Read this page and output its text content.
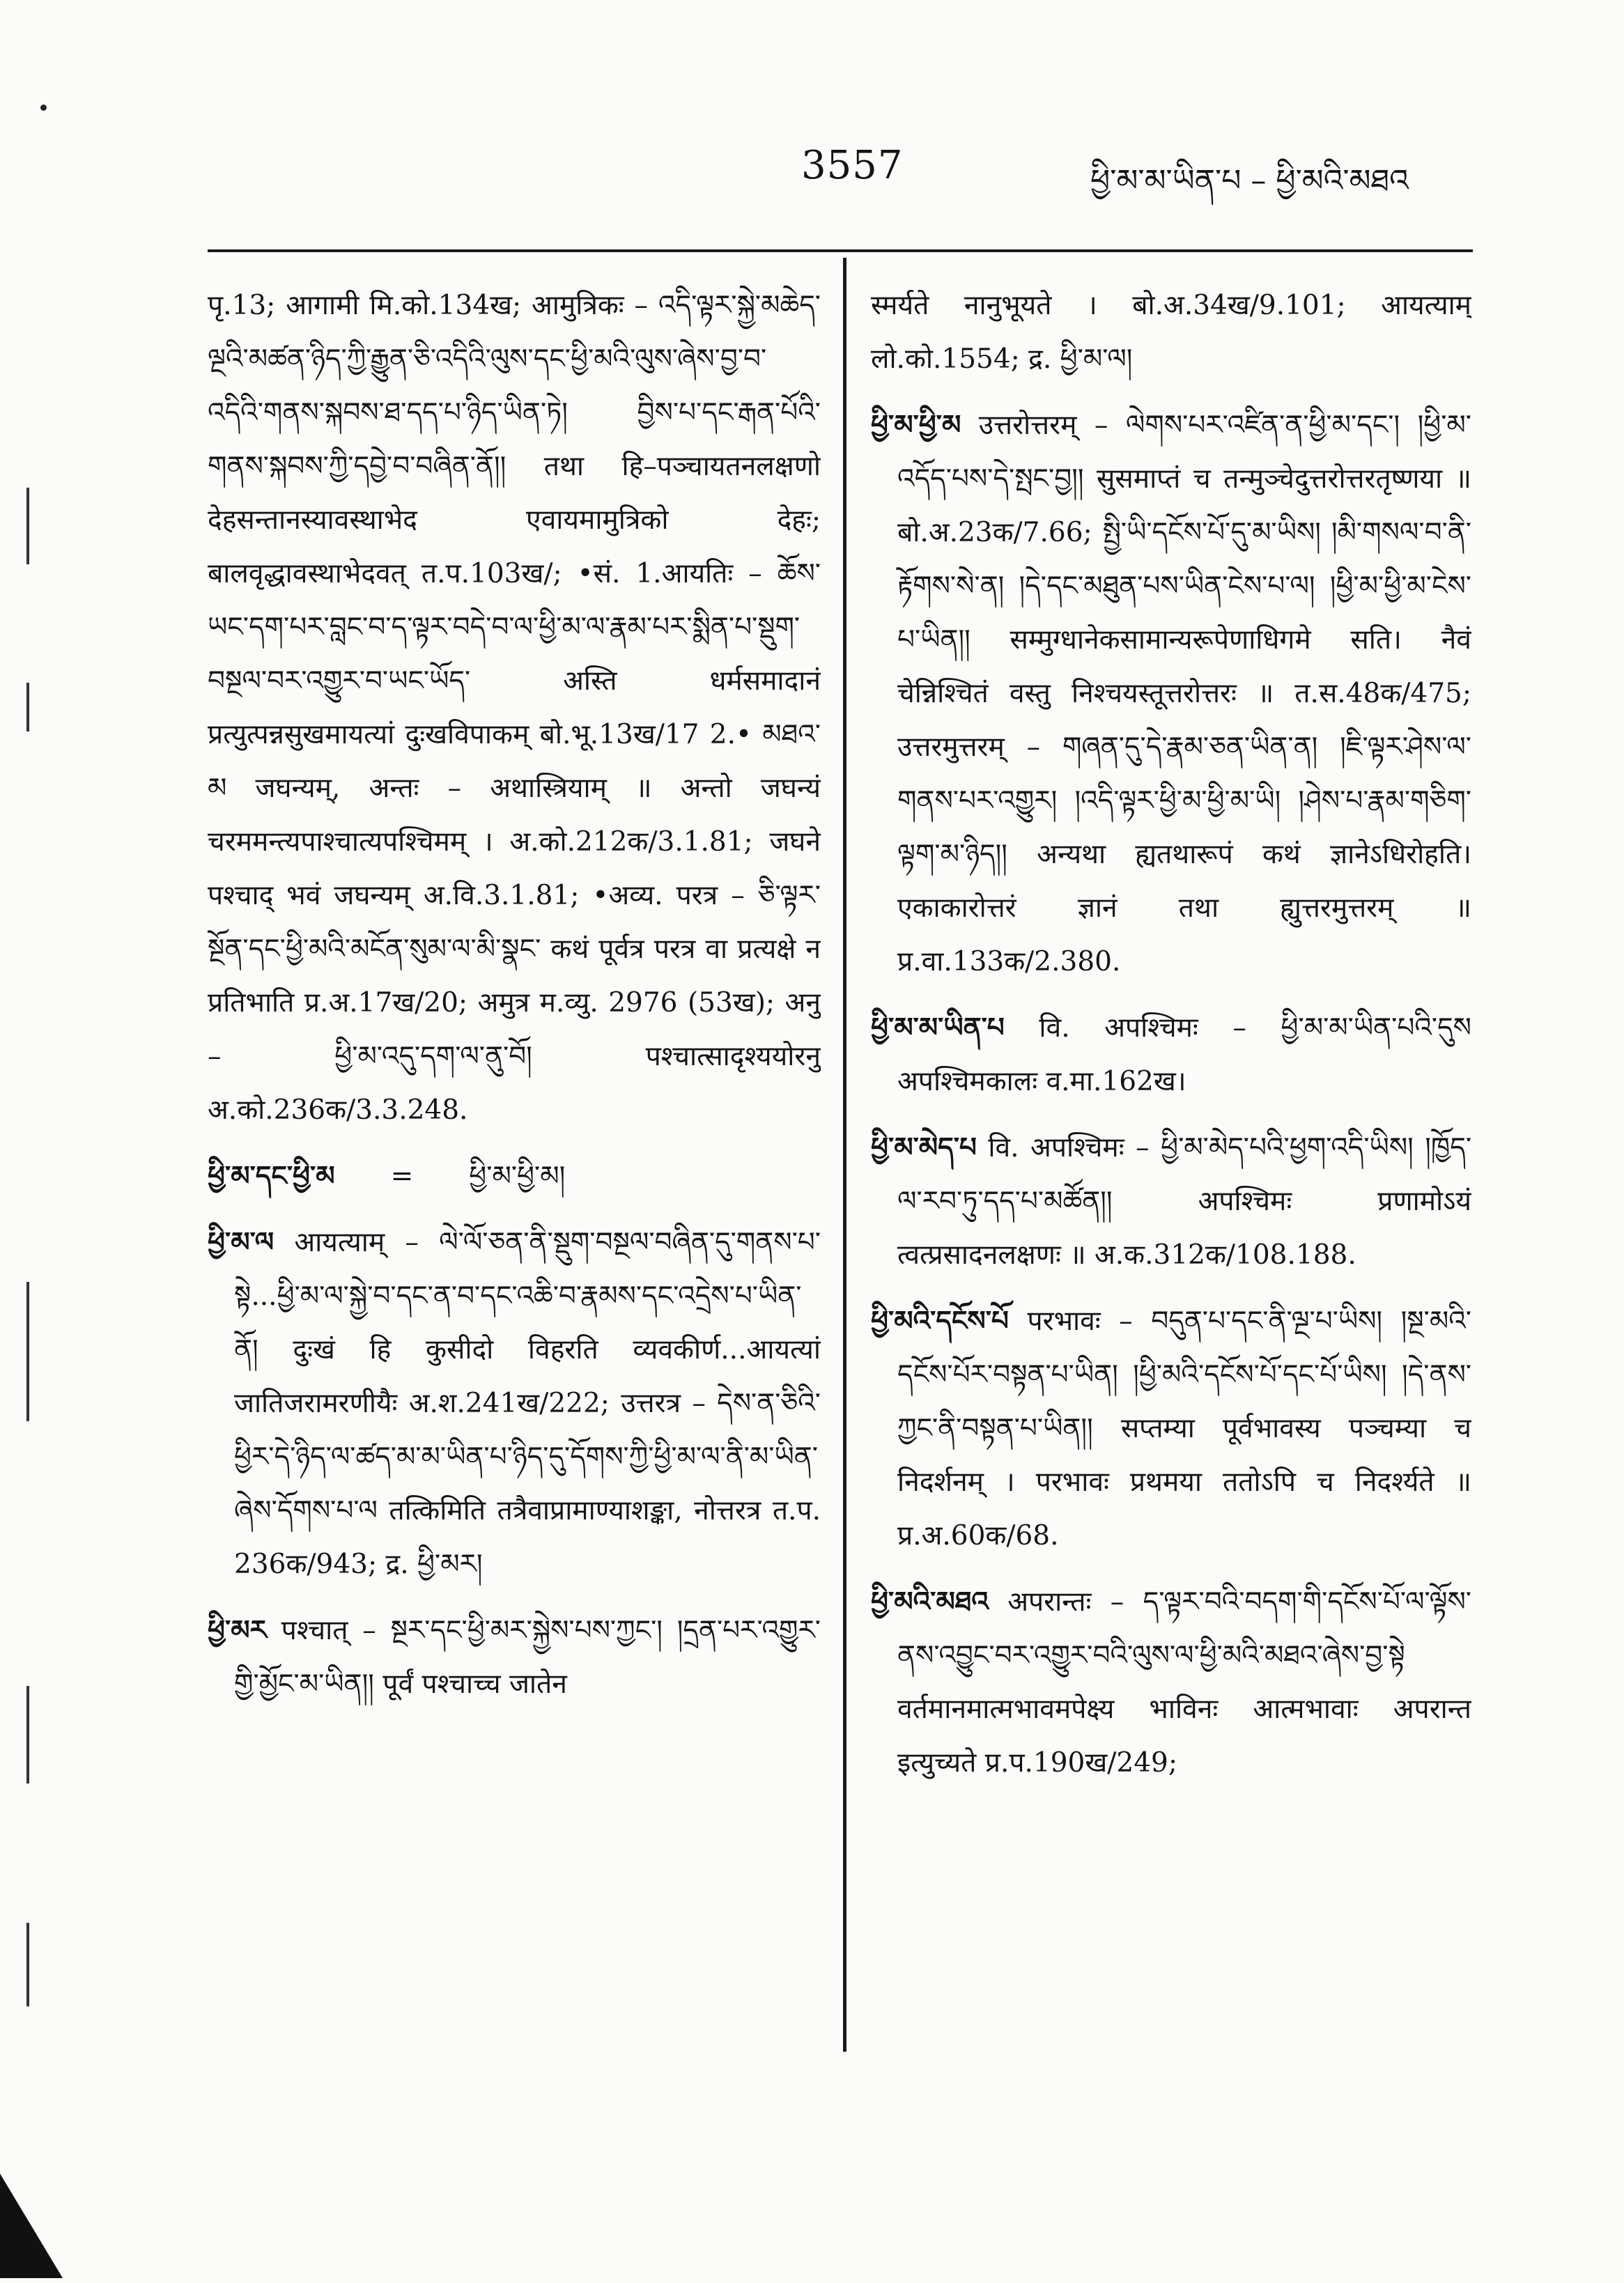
3557	ཕྱི་མ་མ་ཡིན་པ – ཕྱི་མའི་མཐའ

पृ.13; आगामी मि.को.134ख; आमुत्रिकः – འདི་ལྟར་སྐྱེ་མཆེད་ལྔའི་མཚན་ཉིད་ཀྱི་རྒྱུན་ཅི་འདིའི་ལུས་དང་ཕྱི་མའི་ལུས་ཞེས་བྱ་བ་འདིའི་གནས་སྐབས་ཐ་དད་པ་ཉིད་ཡིན་ཏེ། བྱིས་པ་དང་རྒན་པོའི་གནས་སྐབས་ཀྱི་དབྱེ་བ་བཞིན་ནོ།། तथा हि–पञ्चायतनलक्षणो देहसन्तानस्यावस्थाभेद एवायमामुत्रिको देहः; बालवृद्धावस्थाभेदवत् त.प.103ख/; •सं. 1.आयतिः – ཆོས་ཡང་དག་པར་བླང་བ་ད་ལྟར་བདེ་བ་ལ་ཕྱི་མ་ལ་རྣམ་པར་སྨིན་པ་སྡུག་བསྔལ་བར་འགྱུར་བ་ཡང་ཡོད་ अस्ति धर्मसमादानं प्रत्युत्पन्नसुखमायत्यां दुःखविपाकम् बो.भू.13ख/17 2.• མཐའ་མ जघन्यम्, अन्तः – अथास्त्रियाम् ॥ अन्तो जघन्यं चरममन्त्यपाश्चात्यपश्चिमम् । अ.को.212क/3.1.81; जघने पश्चाद् भवं जघन्यम् अ.वि.3.1.81; •अव्य. परत्र – ཅི་ལྟར་སྔོན་དང་ཕྱི་མའི་མངོན་སུམ་ལ་མི་སྣང་ कथं पूर्वत्र परत्र वा प्रत्यक्षे न प्रतिभाति प्र.अ.17ख/20; अमुत्र म.व्यु. 2976 (53ख); अनु – ཕྱི་མ་འདུ་དག་ལ་ནུ་བོ། पश्चात्सादृश्ययोरनु अ.को.236क/3.3.248.

ཕྱི་མ་དང་ཕྱི་མ = ཕྱི་མ་ཕྱི་མ།

ཕྱི་མ་ལ आयत्याम् – ལེ་ལོ་ཅན་ནི་སྡུག་བསྔལ་བཞིན་དུ་གནས་པ་སྟེ...ཕྱི་མ་ལ་སྐྱེ་བ་དང་ན་བ་དང་འཆི་བ་རྣམས་དང་འདྲེས་པ་ཡིན་ནོ། दुःखं हि कुसीदो विहरति व्यवकीर्ण...आयत्यां जातिजरामरणीयैः अ.श.241ख/222; उत्तरत्र – དེས་ན་ཅིའི་ཕྱིར་དེ་ཉིད་ལ་ཚད་མ་མ་ཡིན་པ་ཉིད་དུ་དོགས་ཀྱི་ཕྱི་མ་ལ་ནི་མ་ཡིན་ཞེས་དོགས་པ་ལ तत्किमिति तत्रैवाप्रामाण्याशङ्का, नोत्तरत्र त.प. 236क/943; द्र. ཕྱི་མར།

ཕྱི་མར पश्चात् – སྔར་དང་ཕྱི་མར་སྐྱེས་པས་ཀྱང་། །དྲན་པར་འགྱུར་གྱི་མྱོང་མ་ཡིན།། पूर्वं पश्चाच्च जातेन

स्मर्यते नानुभूयते । बो.अ.34ख/9.101; आयत्याम् लो.को.1554; द्र. ཕྱི་མ་ལ།

ཕྱི་མ་ཕྱི་མ उत्तरोत्तरम् – ལེགས་པར་འཛིན་ན་ཕྱི་མ་དང་། །ཕྱི་མ་འདོད་པས་དེ་སྤང་བྱ།། सुसमाप्तं च तन्मुञ्चेदुत्तरोत्तरतृष्णया ॥ बो.अ.23क/7.66; སྤྱི་ཡི་དངོས་པོ་དུ་མ་ཡིས། །མི་གསལ་བ་ནི་རྟོགས་སེ་ན། །དེ་དང་མཐུན་པས་ཡིན་ངེས་པ་ལ། །ཕྱི་མ་ཕྱི་མ་ངེས་པ་ཡིན།། सम्मुग्धानेकसामान्यरूपेणाधिगमे सति। नैवं चेन्निश्चितं वस्तु निश्चयस्तूत्तरोत्तरः ॥ त.स.48क/475; उत्तरमुत्तरम् – གཞན་དུ་དེ་རྣམ་ཅན་ཡིན་ན། །ཇི་ལྟར་ཤེས་ལ་གནས་པར་འགྱུར། །འདི་ལྟར་ཕྱི་མ་ཕྱི་མ་ཡི། །ཤེས་པ་རྣམ་གཅིག་ལྟག་མ་ཉིད།། अन्यथा ह्यतथारूपं कथं ज्ञानेऽधिरोहति। एकाकारोत्तरं ज्ञानं तथा ह्युत्तरमुत्तरम् ॥ प्र.वा.133क/2.380.

ཕྱི་མ་མ་ཡིན་པ वि. अपश्चिमः – ཕྱི་མ་མ་ཡིན་པའི་དུས अपश्चिमकालः व.मा.162ख।

ཕྱི་མ་མེད་པ वि. अपश्चिमः – ཕྱི་མ་མེད་པའི་ཕྱག་འདི་ཡིས། །ཁྱོད་ལ་རབ་ཏུ་དད་པ་མཚོན།། अपश्चिमः प्रणामोऽयं त्वत्प्रसादनलक्षणः ॥ अ.क.312क/108.188.

ཕྱི་མའི་དངོས་པོ परभावः – བདུན་པ་དང་ནི་ལྔ་པ་ཡིས། །སྔ་མའི་དངོས་པོར་བསྟན་པ་ཡིན། །ཕྱི་མའི་དངོས་པོ་དང་པོ་ཡིས། །དེ་ནས་ཀྱང་ནི་བསྟན་པ་ཡིན།། सप्तम्या पूर्वभावस्य पञ्चम्या च निदर्शनम् । परभावः प्रथमया ततोऽपि च निदर्श्यते ॥ प्र.अ.60क/68.

ཕྱི་མའི་མཐའ अपरान्तः – ད་ལྟར་བའི་བདག་གི་དངོས་པོ་ལ་ལྟོས་ནས་འབྱུང་བར་འགྱུར་བའི་ལུས་ལ་ཕྱི་མའི་མཐའ་ཞེས་བྱ་སྟེ वर्तमानमात्मभावमपेक्ष्य भाविनः आत्मभावाः अपरान्त इत्युच्यते प्र.प.190ख/249;
